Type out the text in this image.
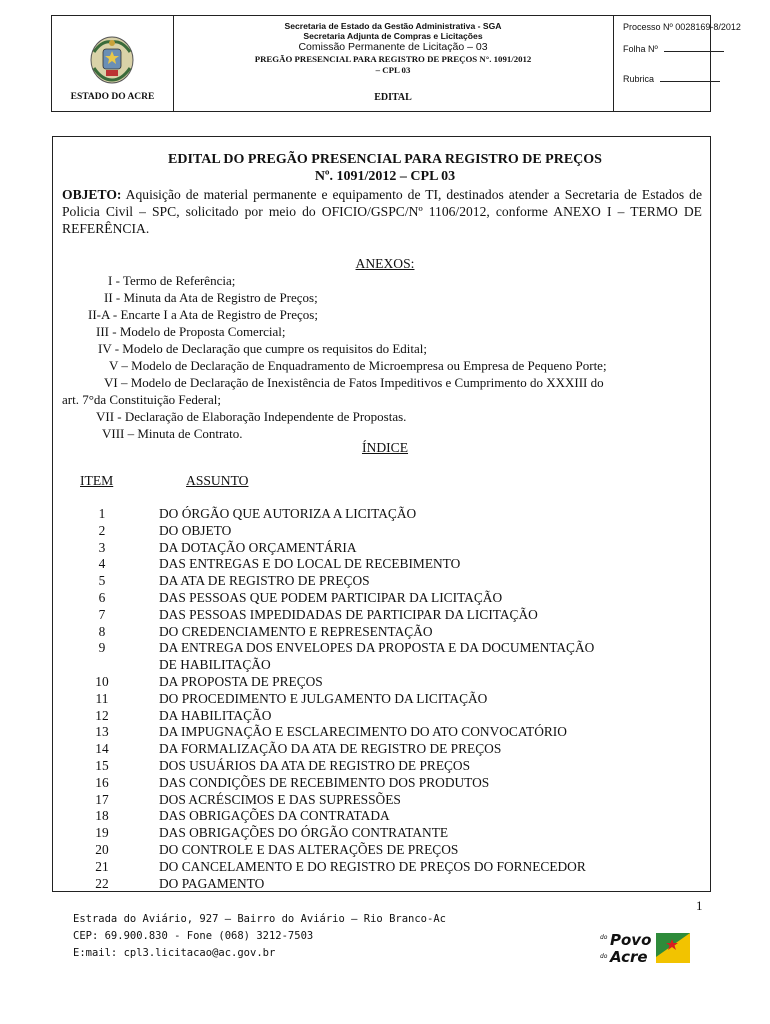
ESTADO DO ACRE
Secretaria de Estado da Gestão Administrativa - SGA
Secretaria Adjunta de Compras e Licitações
Comissão Permanente de Licitação – 03
PREGÃO PRESENCIAL PARA REGISTRO DE PREÇOS N°. 1091/2012
– CPL 03
EDITAL
Processo Nº 0028169-8/2012
Folha Nº
Rubrica
EDITAL DO PREGÃO PRESENCIAL PARA REGISTRO DE PREÇOS
Nº. 1091/2012 – CPL 03
OBJETO: Aquisição de material permanente e equipamento de TI, destinados atender a Secretaria de Estados de Policia Civil – SPC, solicitado por meio do OFICIO/GSPC/Nº 1106/2012, conforme ANEXO I – TERMO DE REFERÊNCIA.
ANEXOS:
I - Termo de Referência;
II - Minuta da Ata de Registro de Preços;
II-A - Encarte I a Ata de Registro de Preços;
III - Modelo de Proposta Comercial;
IV - Modelo de Declaração que cumpre os requisitos do Edital;
V – Modelo de Declaração de Enquadramento de Microempresa ou Empresa de Pequeno Porte;
VI – Modelo de Declaração de Inexistência de Fatos Impeditivos e Cumprimento do XXXIII do
art. 7°da Constituição Federal;
VII - Declaração de Elaboração Independente de Propostas.
VIII – Minuta de Contrato.
ÍNDICE
ITEM	ASSUNTO
1	DO ÓRGÃO QUE AUTORIZA A LICITAÇÃO
2	DO OBJETO
3	DA DOTAÇÃO ORÇAMENTÁRIA
4	DAS ENTREGAS E DO LOCAL DE RECEBIMENTO
5	DA ATA DE REGISTRO DE PREÇOS
6	DAS PESSOAS QUE PODEM PARTICIPAR DA LICITAÇÃO
7	DAS PESSOAS IMPEDIDADAS DE PARTICIPAR DA LICITAÇÃO
8	DO CREDENCIAMENTO E REPRESENTAÇÃO
9	DA ENTREGA DOS ENVELOPES DA PROPOSTA E DA DOCUMENTAÇÃO
DE HABILITAÇÃO
10	DA PROPOSTA DE PREÇOS
11	DO PROCEDIMENTO E JULGAMENTO DA LICITAÇÃO
12	DA HABILITAÇÃO
13	DA IMPUGNAÇÃO E ESCLARECIMENTO DO ATO CONVOCATÓRIO
14	DA FORMALIZAÇÃO DA ATA DE REGISTRO DE PREÇOS
15	DOS USUÁRIOS DA ATA DE REGISTRO DE PREÇOS
16	DAS CONDIÇÕES DE RECEBIMENTO DOS PRODUTOS
17	DOS ACRÉSCIMOS E DAS SUPRESSÕES
18	DAS OBRIGAÇÕES DA CONTRATADA
19	DAS OBRIGAÇÕES DO ÓRGÃO CONTRATANTE
20	DO CONTROLE E DAS ALTERAÇÕES DE PREÇOS
21	DO CANCELAMENTO E DO REGISTRO DE PREÇOS DO FORNECEDOR
22	DO PAGAMENTO
1
Estrada do Aviário, 927 – Bairro do Aviário – Rio Branco-Ac
CEP: 69.900.830 - Fone (068) 3212-7503
E:mail: cpl3.licitacao@ac.gov.br
do Povo
do Acre
